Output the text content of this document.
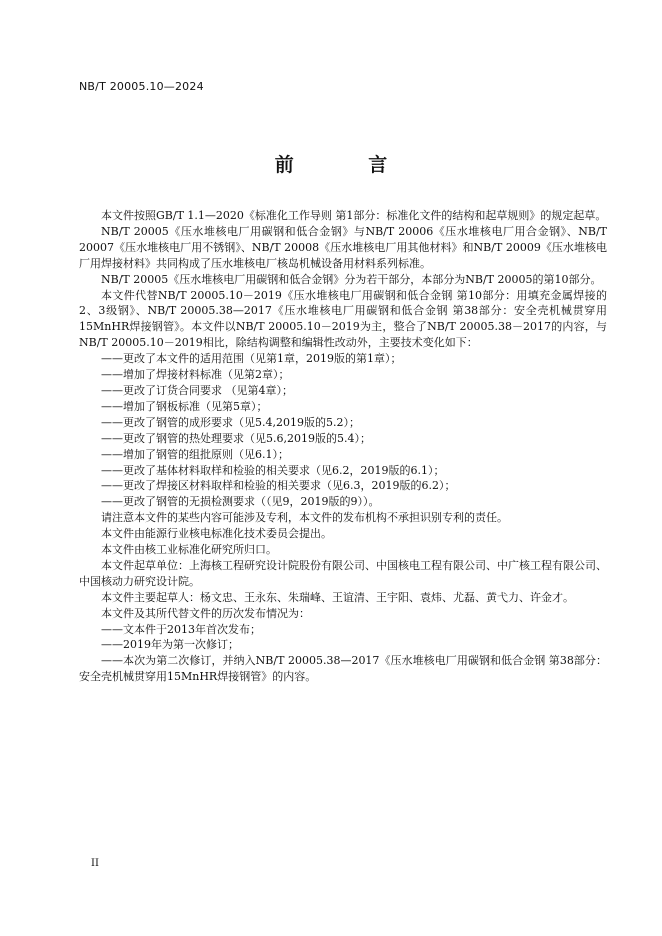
NB/T 20005.10—2024
前 言

本文件按照GB/T 1.1—2020《标准化工作导则 第1部分：标准化文件的结构和起草规则》的规定起草。

NB/T 20005《压水堆核电厂用碳钢和低合金钢》与NB/T 20006《压水堆核电厂用合金钢》、NB/T 20007《压水堆核电厂用不锈钢》、NB/T 20008《压水堆核电厂用其他材料》和NB/T 20009《压水堆核电厂用焊接材料》共同构成了压水堆核电厂核岛机械设备用材料系列标准。

NB/T 20005《压水堆核电厂用碳钢和低合金钢》分为若干部分，本部分为NB/T 20005的第10部分。

本文件代替NB/T 20005.10－2019《压水堆核电厂用碳钢和低合金钢 第10部分：用填充金属焊接的2、3级钢》、NB/T 20005.38—2017《压水堆核电厂用碳钢和低合金钢 第38部分：安全壳机械贯穿用15MnHR焊接钢管》。本文件以NB/T 20005.10－2019为主，整合了NB/T 20005.38－2017的内容，与NB/T 20005.10－2019相比，除结构调整和编辑性改动外，主要技术变化如下：

——更改了本文件的适用范围（见第1章，2019版的第1章）；

——增加了焊接材料标准（见第2章）；

——更改了订货合同要求 （见第4章）；

——增加了钢板标准（见第5章）；

——更改了钢管的成形要求（见5.4,2019版的5.2）；

——更改了钢管的热处理要求（见5.6,2019版的5.4）；

——增加了钢管的组批原则（见6.1）；

——更改了基体材料取样和检验的相关要求（见6.2，2019版的6.1）；

——更改了焊接区材料取样和检验的相关要求（见6.3，2019版的6.2）；

——更改了钢管的无损检测要求（（见9，2019版的9））。

请注意本文件的某些内容可能涉及专利，本文件的发布机构不承担识别专利的责任。

本文件由能源行业核电标准化技术委员会提出。

本文件由核工业标准化研究所归口。

本文件起草单位：上海核工程研究设计院股份有限公司、中国核电工程有限公司、中广核工程有限公司、中国核动力研究设计院。

本文件主要起草人：杨文忠、王永东、朱瑞峰、王谊清、王宇阳、袁炜、尤磊、黄弋力、许金才。

本文件及其所代替文件的历次发布情况为：

——文本件于2013年首次发布；

——2019年为第一次修订；

——本次为第二次修订，并纳入NB/T 20005.38—2017《压水堆核电厂用碳钢和低合金钢 第38部分：安全壳机械贯穿用15MnHR焊接钢管》的内容。

II
